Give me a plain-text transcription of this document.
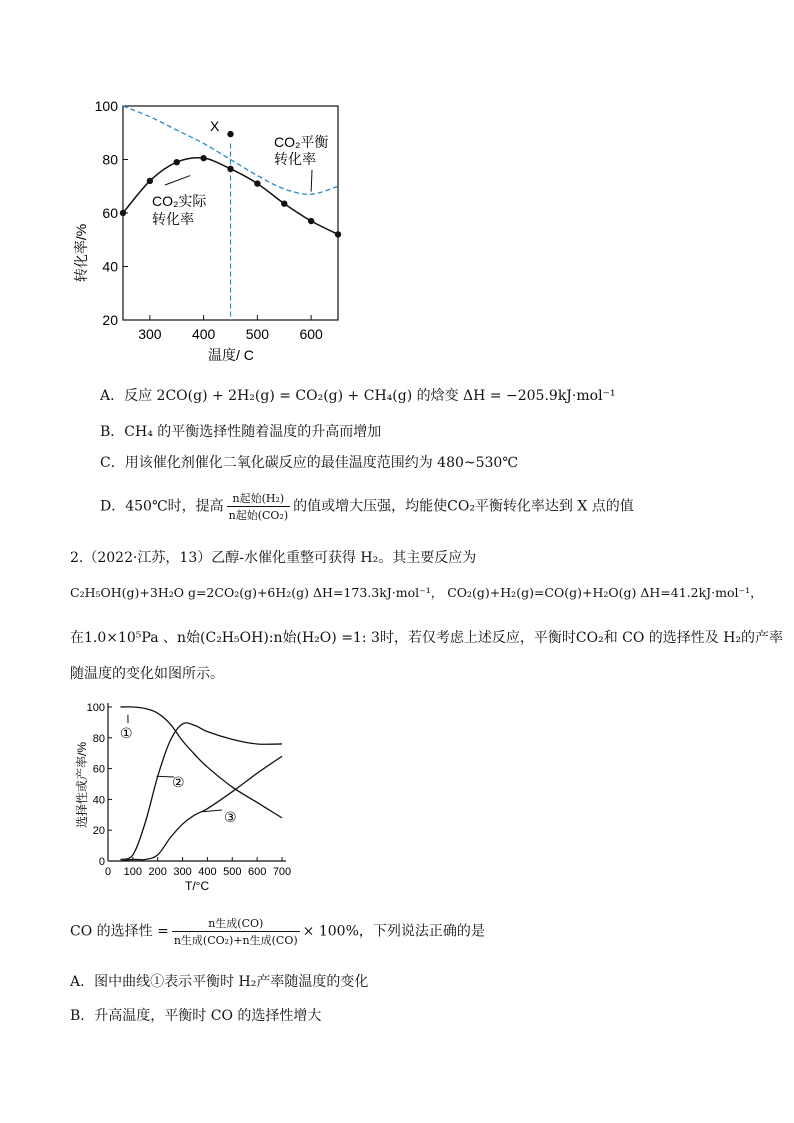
20
40
60
80
100
300 400 500 600
CO₂平衡
转化率
CO₂实际
转化率
X
温度/ C
转化率/%
A．反应 2CO(g) + 2H₂(g) = CO₂(g) + CH₄(g) 的焓变 ΔH = −205.9kJ·mol⁻¹
B．CH₄ 的平衡选择性随着温度的升高而增加
C．用该催化剂催化二氧化碳反应的最佳温度范围约为 480~530℃
D．450℃时，提高 $\frac{\text{n起始(H₂)}}{\text{n起始(CO₂)}}$ 的值或增大压强，均能使CO₂平衡转化率达到 X 点的值
2.（2022·江苏，13）乙醇-水催化重整可获得 H₂。其主要反应为
C₂H₅OH(g)+3H₂O g=2CO₂(g)+6H₂(g) ΔH=173.3kJ·mol⁻¹， CO₂(g)+H₂(g)=CO(g)+H₂O(g) ΔH=41.2kJ·mol⁻¹，
在1.0×10⁵Pa 、n始(C₂H₅OH):n始(H₂O) =1: 3时，若仅考虑上述反应，平衡时CO₂和 CO 的选择性及 H₂的产率
随温度的变化如图所示。
0
20
40
60
80
100
0 100 200 300 400 500 600 700
①
②
③
T/°C
选择性或产率/%
CO 的选择性 = $\frac{\text{n生成(CO)}}{\text{n生成(CO₂)+n生成(CO)}} \times 100\%$，下列说法正确的是
A．图中曲线①表示平衡时 H₂产率随温度的变化
B．升高温度，平衡时 CO 的选择性增大
